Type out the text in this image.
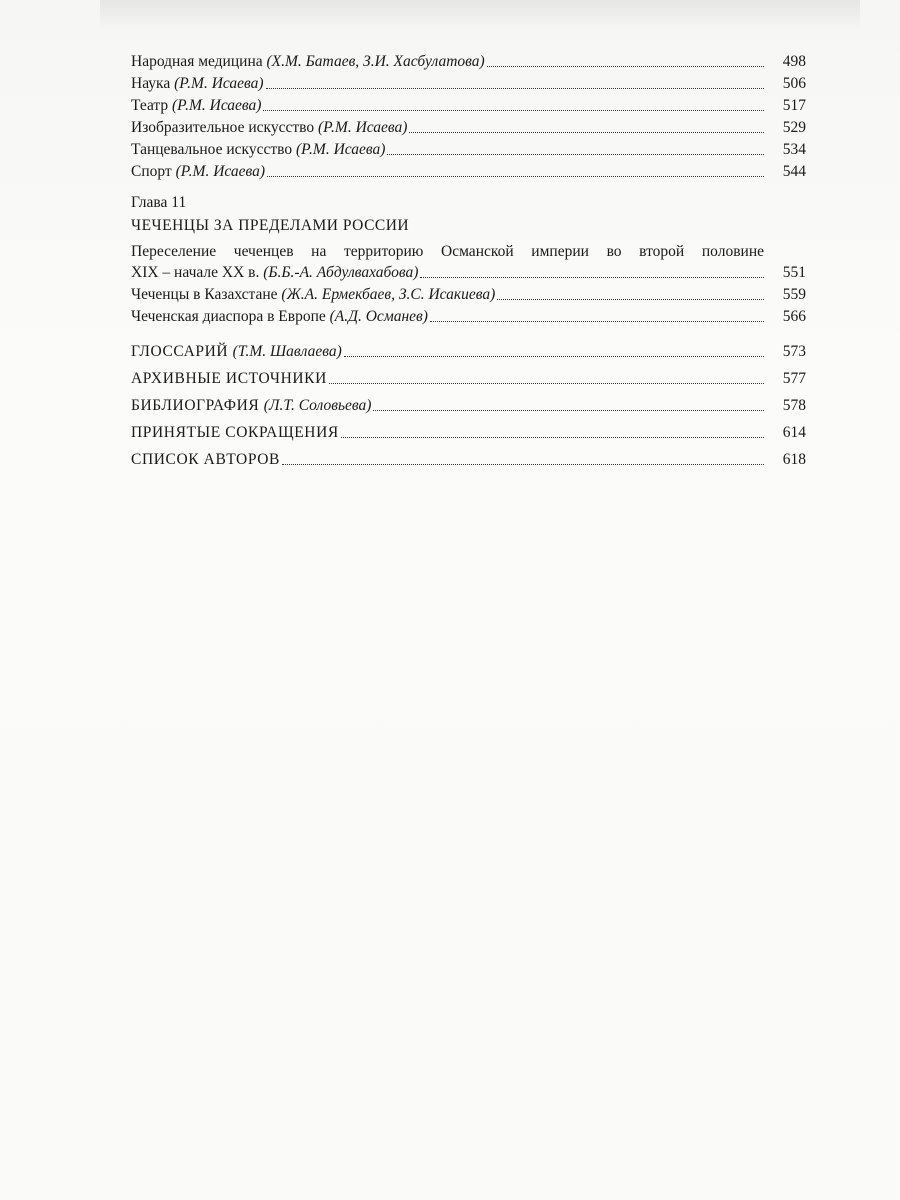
Народная медицина (Х.М. Батаев, З.И. Хасбулатова)	498
Наука (Р.М. Исаева)	506
Театр (Р.М. Исаева)	517
Изобразительное искусство (Р.М. Исаева)	529
Танцевальное искусство (Р.М. Исаева)	534
Спорт (Р.М. Исаева)	544
Глава 11
ЧЕЧЕНЦЫ ЗА ПРЕДЕЛАМИ РОССИИ
Переселение чеченцев на территорию Османской империи во второй половине
XIX – начале XX в. (Б.Б.-А. Абдулвахабова)	551
Чеченцы в Казахстане (Ж.А. Ермекбаев, З.С. Исакиева)	559
Чеченская диаспора в Европе (А.Д. Османев)	566
ГЛОССАРИЙ (Т.М. Шавлаева)	573
АРХИВНЫЕ ИСТОЧНИКИ	577
БИБЛИОГРАФИЯ (Л.Т. Соловьева)	578
ПРИНЯТЫЕ СОКРАЩЕНИЯ	614
СПИСОК АВТОРОВ	618
